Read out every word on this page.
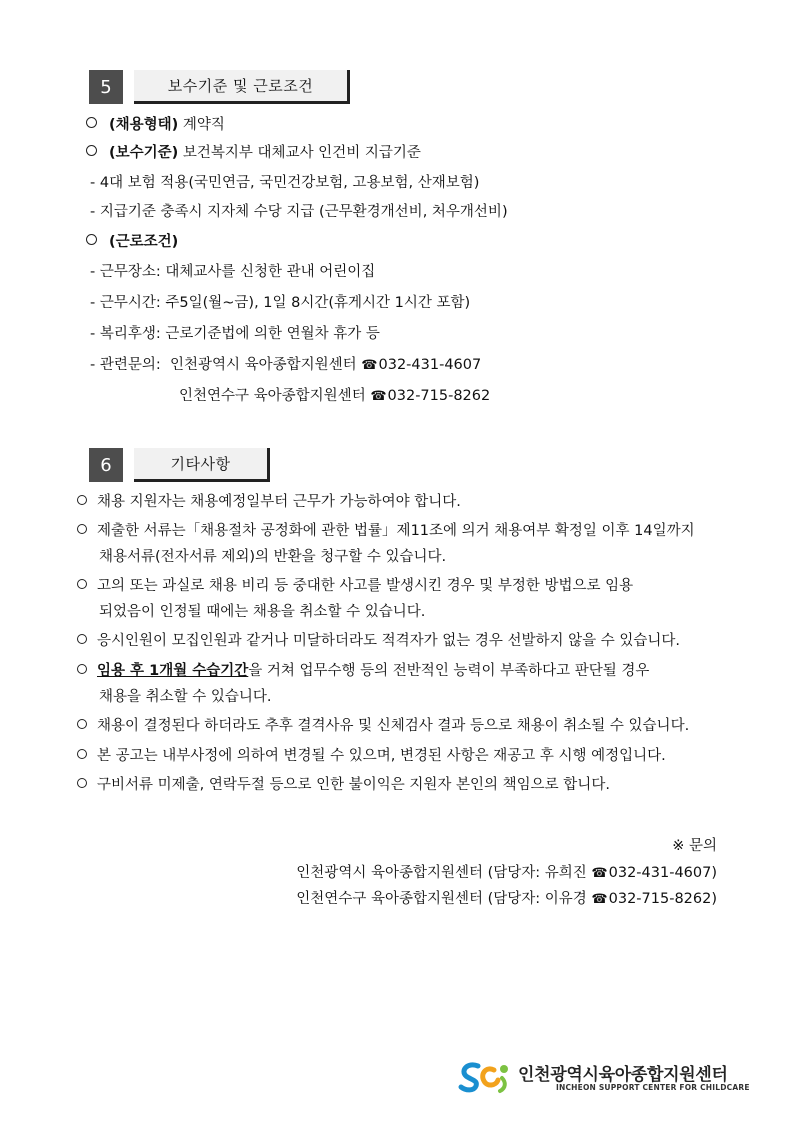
5	보수기준 및 근로조건
(채용형태) 계약직
(보수기준) 보건복지부 대체교사 인건비 지급기준
- 4대 보험 적용(국민연금, 국민건강보험, 고용보험, 산재보험)
- 지급기준 충족시 지자체 수당 지급 (근무환경개선비, 처우개선비)
(근로조건)
- 근무장소: 대체교사를 신청한 관내 어린이집
- 근무시간: 주5일(월~금), 1일 8시간(휴게시간 1시간 포함)
- 복리후생: 근로기준법에 의한 연월차 휴가 등
- 관련문의: 인천광역시 육아종합지원센터 ☎032-431-4607
인천연수구 육아종합지원센터 ☎032-715-8262
6	기타사항
채용 지원자는 채용예정일부터 근무가 가능하여야 합니다.
제출한 서류는「채용절차 공정화에 관한 법률」제11조에 의거 채용여부 확정일 이후 14일까지
채용서류(전자서류 제외)의 반환을 청구할 수 있습니다.
고의 또는 과실로 채용 비리 등 중대한 사고를 발생시킨 경우 및 부정한 방법으로 임용
되었음이 인정될 때에는 채용을 취소할 수 있습니다.
응시인원이 모집인원과 같거나 미달하더라도 적격자가 없는 경우 선발하지 않을 수 있습니다.
임용 후 1개월 수습기간을 거쳐 업무수행 등의 전반적인 능력이 부족하다고 판단될 경우
채용을 취소할 수 있습니다.
채용이 결정된다 하더라도 추후 결격사유 및 신체검사 결과 등으로 채용이 취소될 수 있습니다.
본 공고는 내부사정에 의하여 변경될 수 있으며, 변경된 사항은 재공고 후 시행 예정입니다.
구비서류 미제출, 연락두절 등으로 인한 불이익은 지원자 본인의 책임으로 합니다.
※ 문의
인천광역시 육아종합지원센터 (담당자: 유희진 ☎032-431-4607)
인천연수구 육아종합지원센터 (담당자: 이유경 ☎032-715-8262)
인천광역시육아종합지원센터
INCHEON SUPPORT CENTER FOR CHILDCARE
